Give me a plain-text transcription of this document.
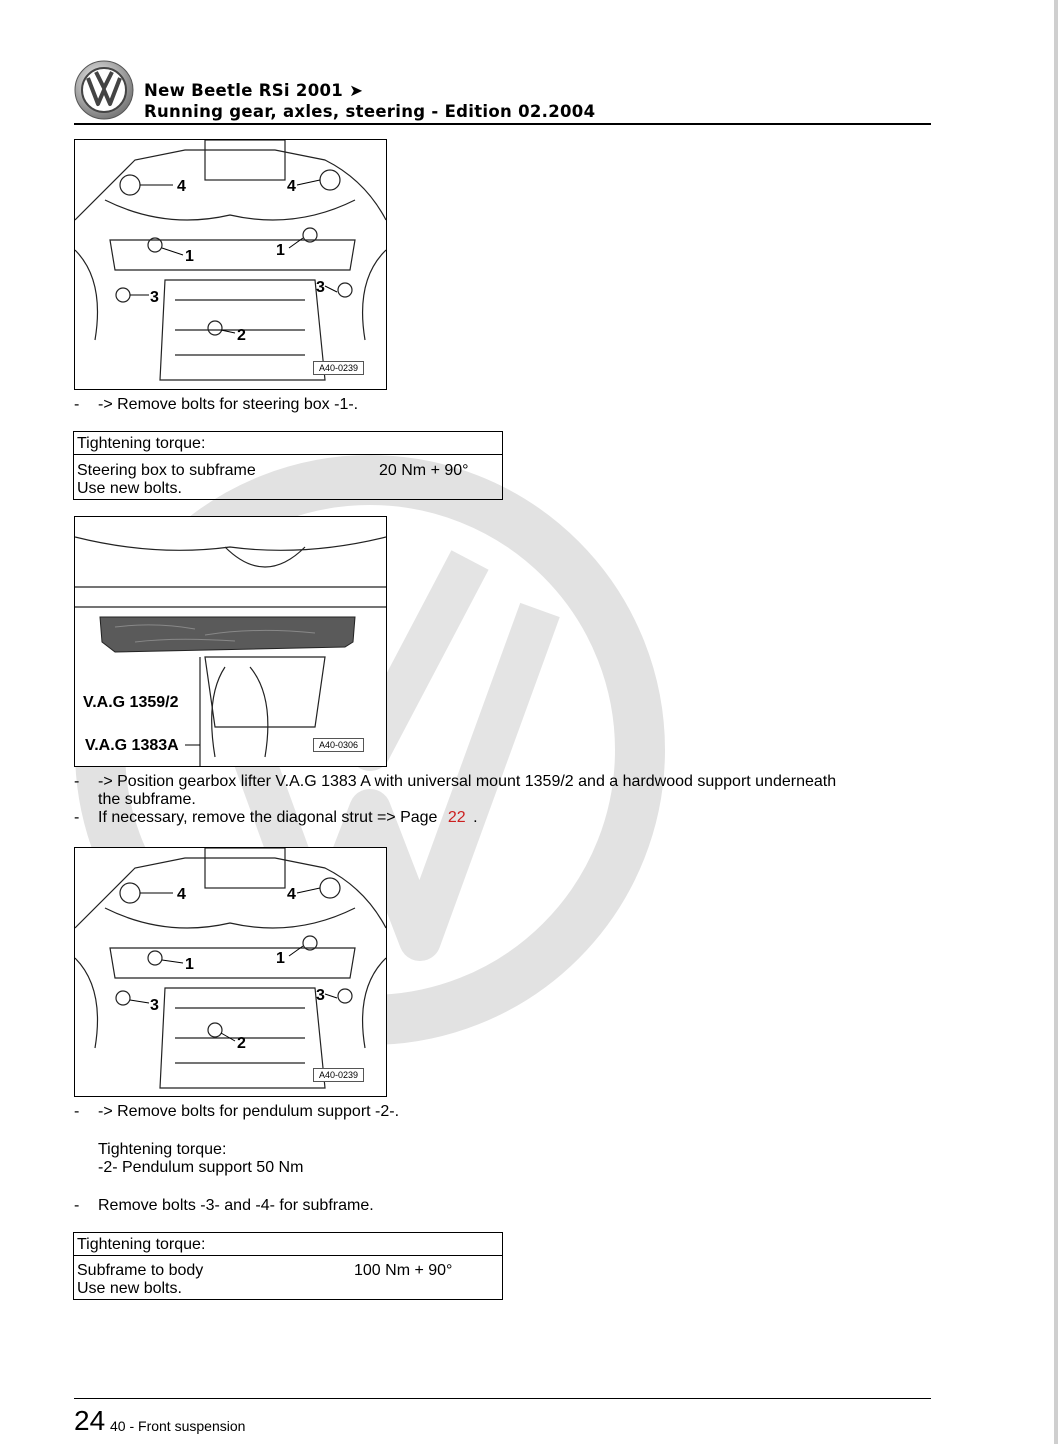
New Beetle RSi 2001 ➤
Running gear, axles, steering - Edition 02.2004
4	4
1	1
3
3
2
A40-0239
- -> Remove bolts for steering box -1-.
Tightening torque:
Steering box to subframe	20 Nm + 90°
Use new bolts.
V.A.G 1359/2
V.A.G 1383A	A40-0306
- -> Position gearbox lifter V.A.G 1383 A with universal mount 1359/2 and a hardwood support underneath
the subframe.
- If necessary, remove the diagonal strut => Page 22 .
4	4
1	1
3
3
2
A40-0239
- -> Remove bolts for pendulum support -2-.
Tightening torque:
-2- Pendulum support 50 Nm
- Remove bolts -3- and -4- for subframe.
Tightening torque:
Subframe to body	100 Nm + 90°
Use new bolts.
24 40 - Front suspension
